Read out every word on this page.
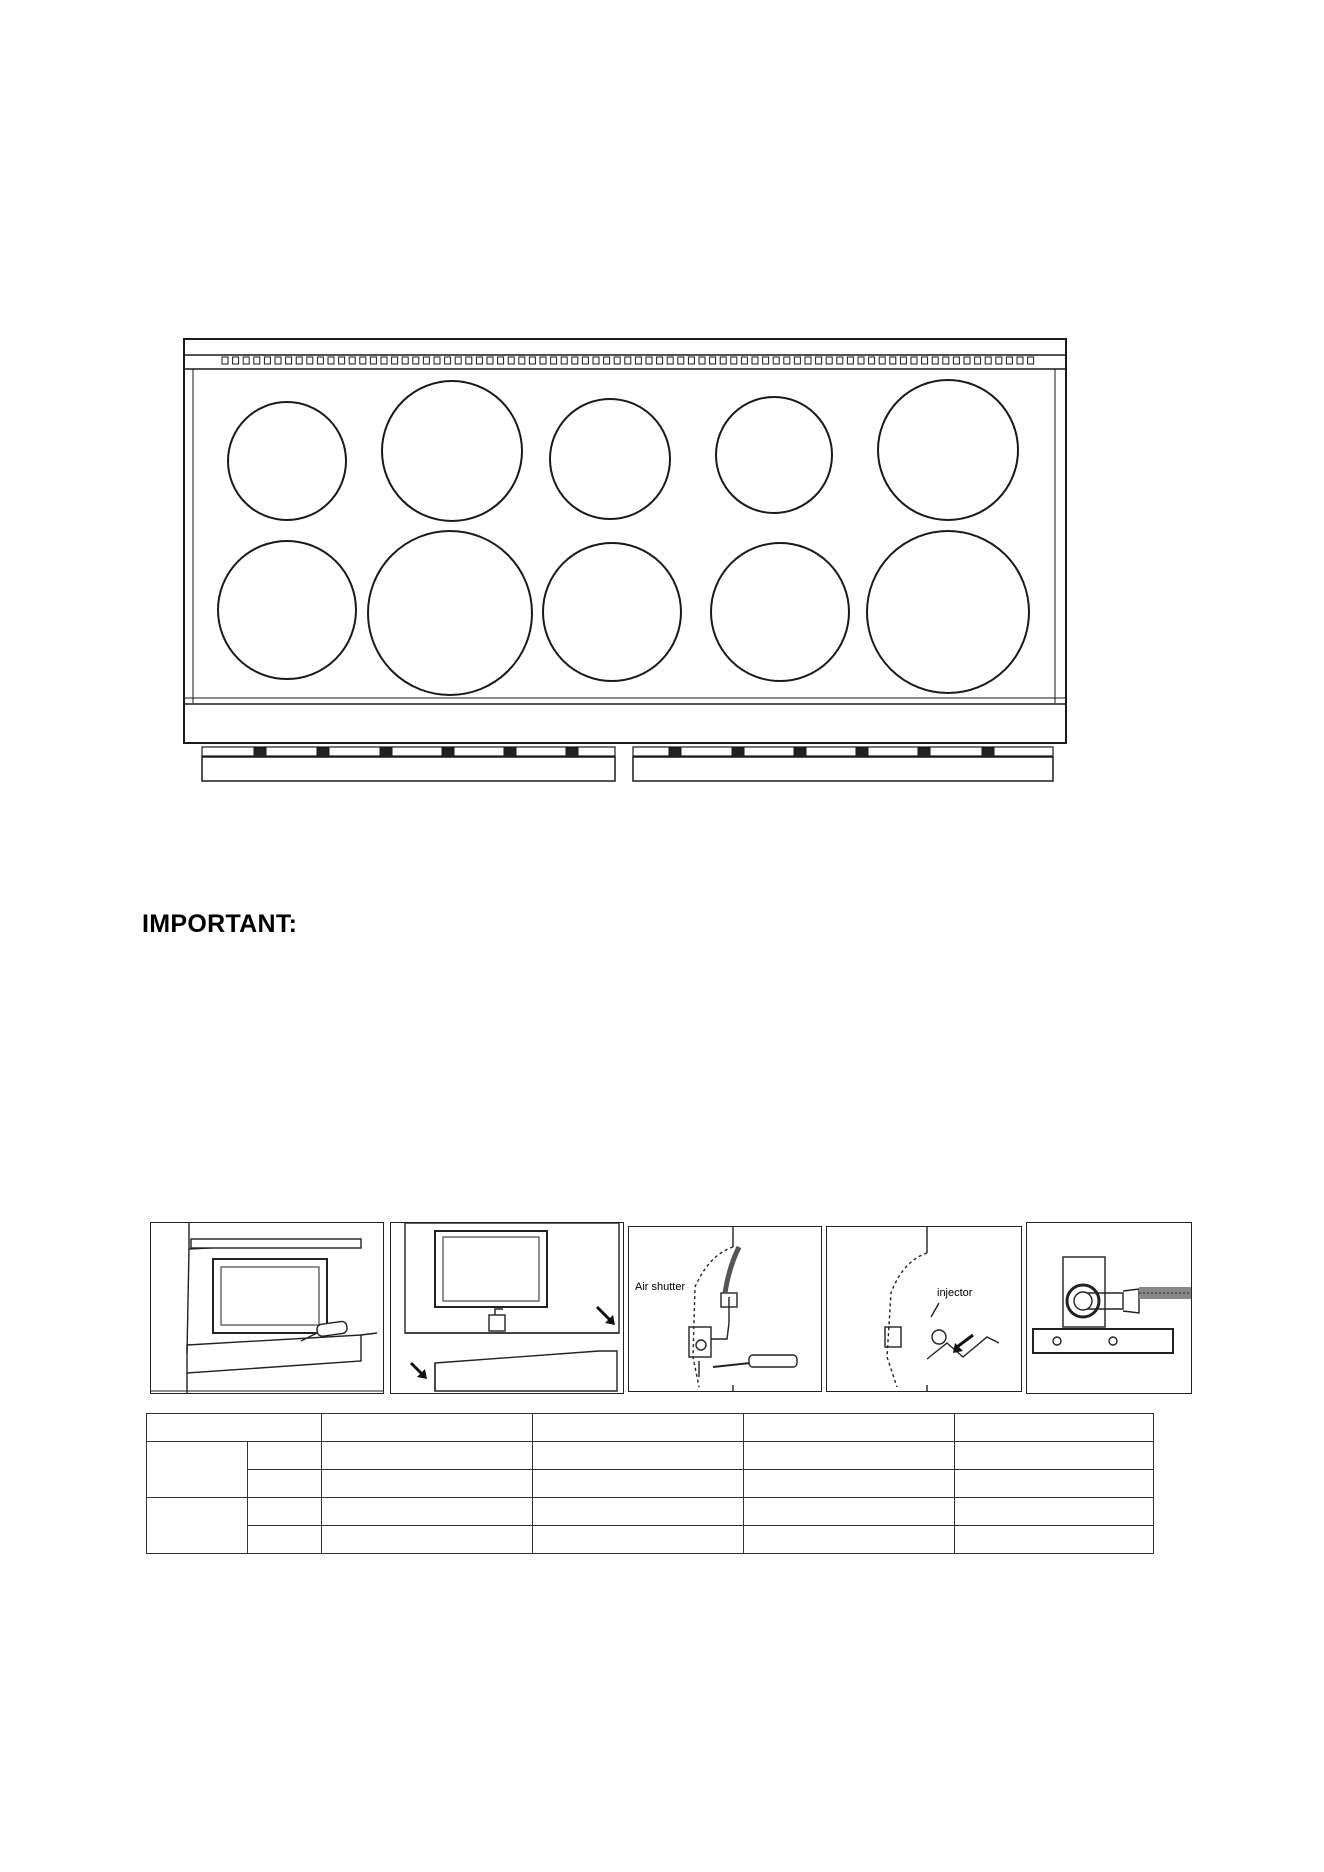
IMPORTANT:
Air shutter	injector
